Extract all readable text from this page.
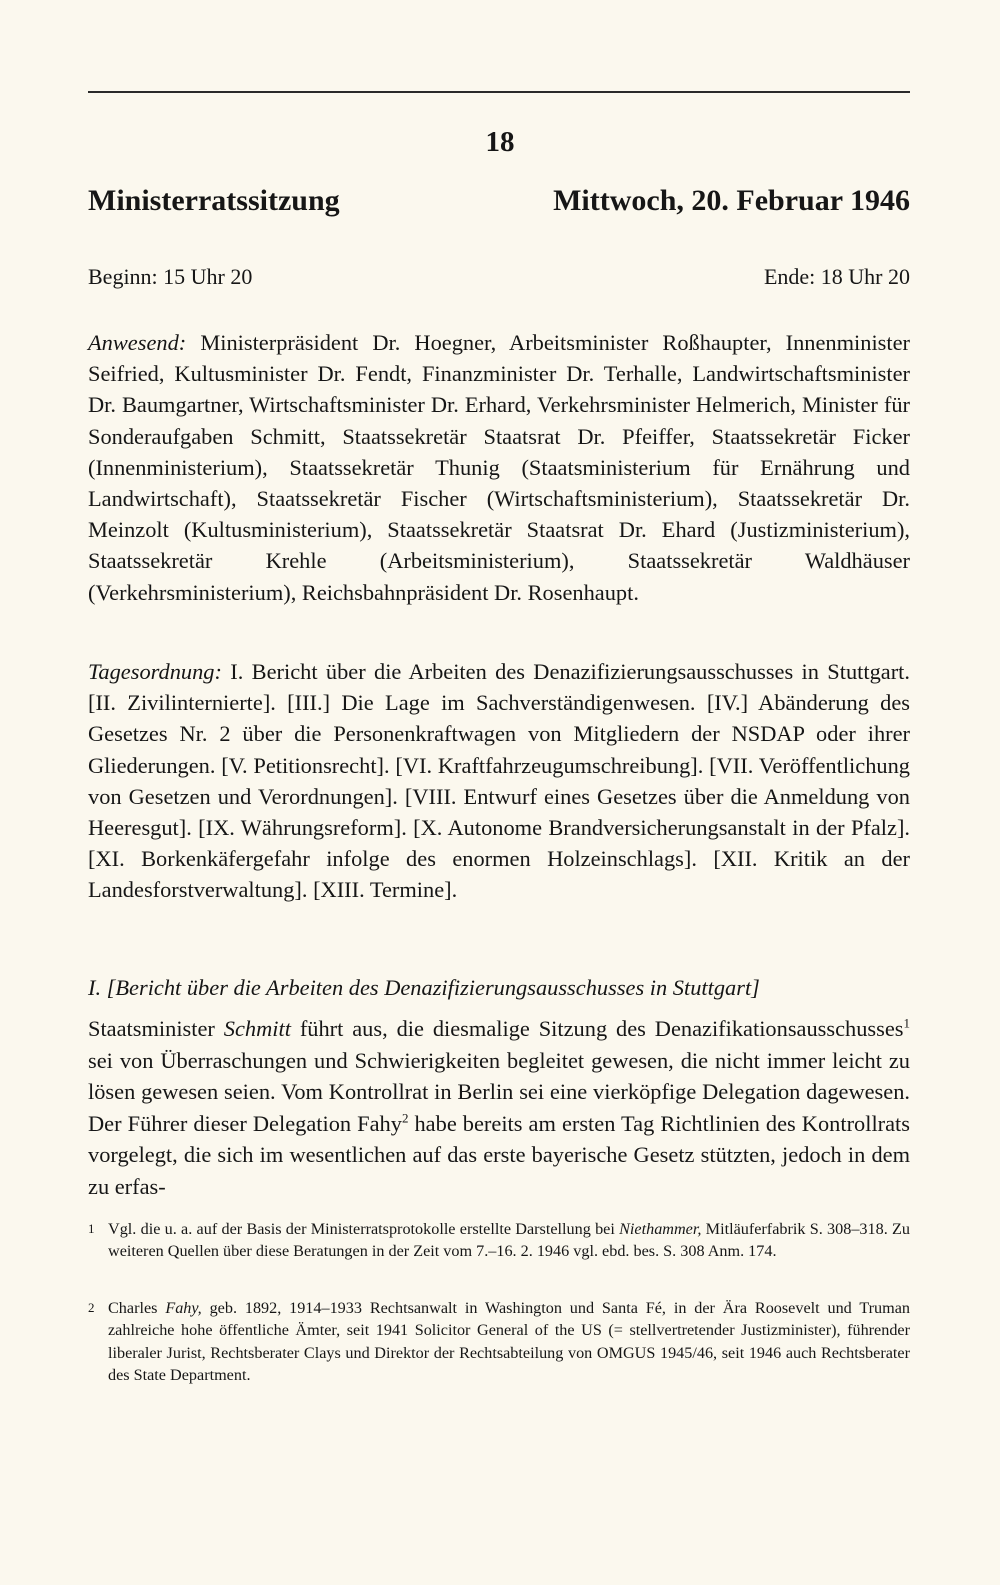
18
Ministerratssitzung	Mittwoch, 20. Februar 1946
Beginn: 15 Uhr 20	Ende: 18 Uhr 20
Anwesend: Ministerpräsident Dr. Hoegner, Arbeitsminister Roßhaupter, Innenminister Seifried, Kultusminister Dr. Fendt, Finanzminister Dr. Terhalle, Landwirtschaftsminister Dr. Baumgartner, Wirtschaftsminister Dr. Erhard, Verkehrsminister Helmerich, Minister für Sonderaufgaben Schmitt, Staatssekretär Staatsrat Dr. Pfeiffer, Staatssekretär Ficker (Innenministerium), Staatssekretär Thunig (Staatsministerium für Ernährung und Landwirtschaft), Staatssekretär Fischer (Wirtschaftsministerium), Staatssekretär Dr. Meinzolt (Kultusministerium), Staatssekretär Staatsrat Dr. Ehard (Justizministerium), Staatssekretär Krehle (Arbeitsministerium), Staatssekretär Waldhäuser (Verkehrsministerium), Reichsbahnpräsident Dr. Rosenhaupt.
Tagesordnung: I. Bericht über die Arbeiten des Denazifizierungsausschusses in Stuttgart. [II. Zivilinternierte]. [III.] Die Lage im Sachverständigenwesen. [IV.] Abänderung des Gesetzes Nr. 2 über die Personenkraftwagen von Mitgliedern der NSDAP oder ihrer Gliederungen. [V. Petitionsrecht]. [VI. Kraftfahrzeugumschreibung]. [VII. Veröffentlichung von Gesetzen und Verordnungen]. [VIII. Entwurf eines Gesetzes über die Anmeldung von Heeresgut]. [IX. Währungsreform]. [X. Autonome Brandversicherungsanstalt in der Pfalz]. [XI. Borkenkäfergefahr infolge des enormen Holzeinschlags]. [XII. Kritik an der Landesforstverwaltung]. [XIII. Termine].
I. [Bericht über die Arbeiten des Denazifizierungsausschusses in Stuttgart]
Staatsminister Schmitt führt aus, die diesmalige Sitzung des Denazifikationsausschusses$^1$ sei von Überraschungen und Schwierigkeiten begleitet gewesen, die nicht immer leicht zu lösen gewesen seien. Vom Kontrollrat in Berlin sei eine vierköpfige Delegation dagewesen. Der Führer dieser Delegation Fahy$^2$ habe bereits am ersten Tag Richtlinien des Kontrollrats vorgelegt, die sich im wesentlichen auf das erste bayerische Gesetz stützten, jedoch in dem zu erfas-
1 Vgl. die u. a. auf der Basis der Ministerratsprotokolle erstellte Darstellung bei Niethammer, Mitläuferfabrik S. 308–318. Zu weiteren Quellen über diese Beratungen in der Zeit vom 7.–16. 2. 1946 vgl. ebd. bes. S. 308 Anm. 174.
2 Charles Fahy, geb. 1892, 1914–1933 Rechtsanwalt in Washington und Santa Fé, in der Ära Roosevelt und Truman zahlreiche hohe öffentliche Ämter, seit 1941 Solicitor General of the US (= stellvertretender Justizminister), führender liberaler Jurist, Rechtsberater Clays und Direktor der Rechtsabteilung von OMGUS 1945/46, seit 1946 auch Rechtsberater des State Department.
